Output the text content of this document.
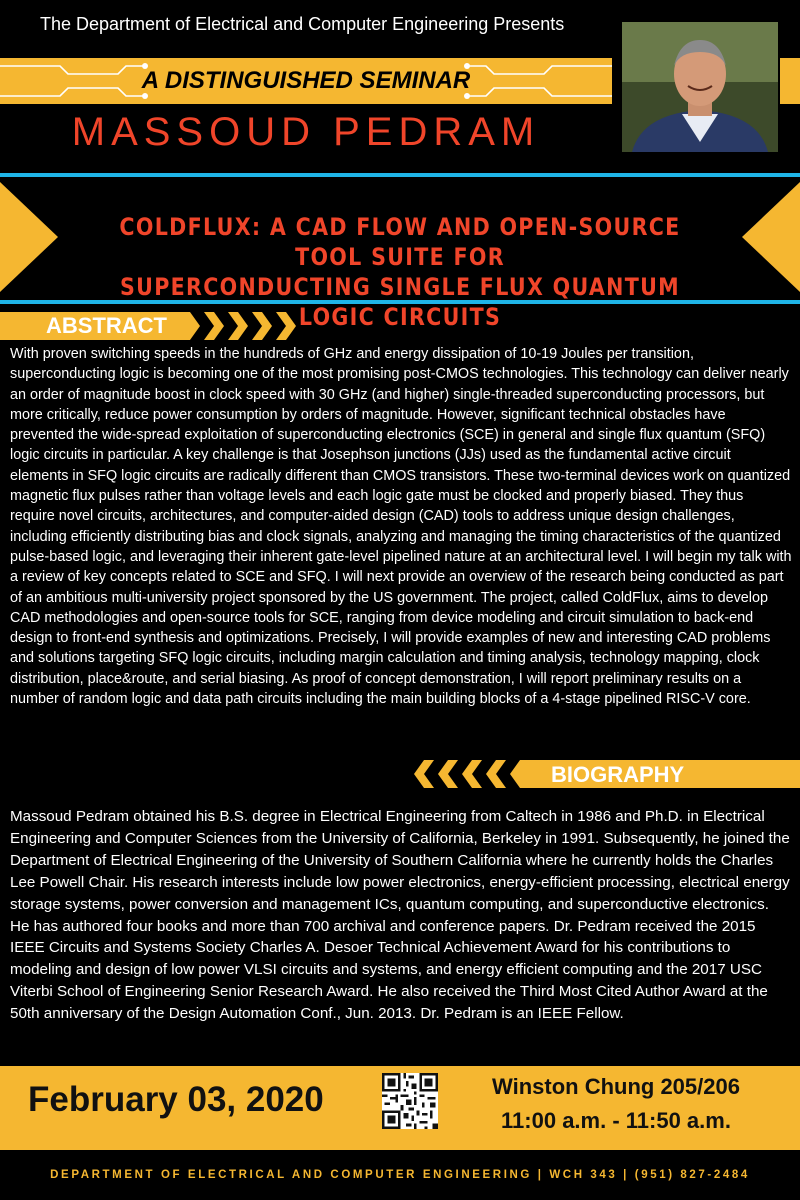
The Department of Electrical and Computer Engineering Presents
A DISTINGUISHED SEMINAR
MASSOUD PEDRAM
COLDFLUX: A CAD FLOW AND OPEN-SOURCE TOOL SUITE FOR
SUPERCONDUCTING SINGLE FLUX QUANTUM LOGIC CIRCUITS
ABSTRACT
With proven switching speeds in the hundreds of GHz and energy dissipation of 10-19 Joules per transition, superconducting logic is becoming one of the most promising post-CMOS technologies. This technology can deliver nearly an order of magnitude boost in clock speed with 30 GHz (and higher) single-threaded superconducting processors, but more critically, reduce power consumption by orders of magnitude. However, significant technical obstacles have prevented the wide-spread exploitation of superconducting electronics (SCE) in general and single flux quantum (SFQ) logic circuits in particular. A key challenge is that Josephson junctions (JJs) used as the fundamental active circuit elements in SFQ logic circuits are radically different than CMOS transistors. These two-terminal devices work on quantized magnetic flux pulses rather than voltage levels and each logic gate must be clocked and properly biased. They thus require novel circuits, architectures, and computer-aided design (CAD) tools to address unique design challenges, including efficiently distributing bias and clock signals, analyzing and managing the timing characteristics of the quantized pulse-based logic, and leveraging their inherent gate-level pipelined nature at an architectural level. I will begin my talk with a review of key concepts related to SCE and SFQ. I will next provide an overview of the research being conducted as part of an ambitious multi-university project sponsored by the US government. The project, called ColdFlux, aims to develop CAD methodologies and open-source tools for SCE, ranging from device modeling and circuit simulation to back-end design to front-end synthesis and optimizations. Precisely, I will provide examples of new and interesting CAD problems and solutions targeting SFQ logic circuits, including margin calculation and timing analysis, technology mapping, clock distribution, place&route, and serial biasing. As proof of concept demonstration, I will report preliminary results on a number of random logic and data path circuits including the main building blocks of a 4-stage pipelined RISC-V core.
BIOGRAPHY
Massoud Pedram obtained his B.S. degree in Electrical Engineering from Caltech in 1986 and Ph.D. in Electrical Engineering and Computer Sciences from the University of California, Berkeley in 1991. Subsequently, he joined the Department of Electrical Engineering of the University of Southern California where he currently holds the Charles Lee Powell Chair. His research interests include low power electronics, energy-efficient processing, electrical energy storage systems, power conversion and management ICs, quantum computing, and superconductive electronics. He has authored four books and more than 700 archival and conference papers. Dr. Pedram received the 2015 IEEE Circuits and Systems Society Charles A. Desoer Technical Achievement Award for his contributions to modeling and design of low power VLSI circuits and systems, and energy efficient computing and the 2017 USC Viterbi School of Engineering Senior Research Award. He also received the Third Most Cited Author Award at the 50th anniversary of the Design Automation Conf., Jun. 2013. Dr. Pedram is an IEEE Fellow.
February 03, 2020	Winston Chung 205/206
11:00 a.m. - 11:50 a.m.
DEPARTMENT OF ELECTRICAL AND COMPUTER ENGINEERING | WCH 343 | (951) 827-2484
